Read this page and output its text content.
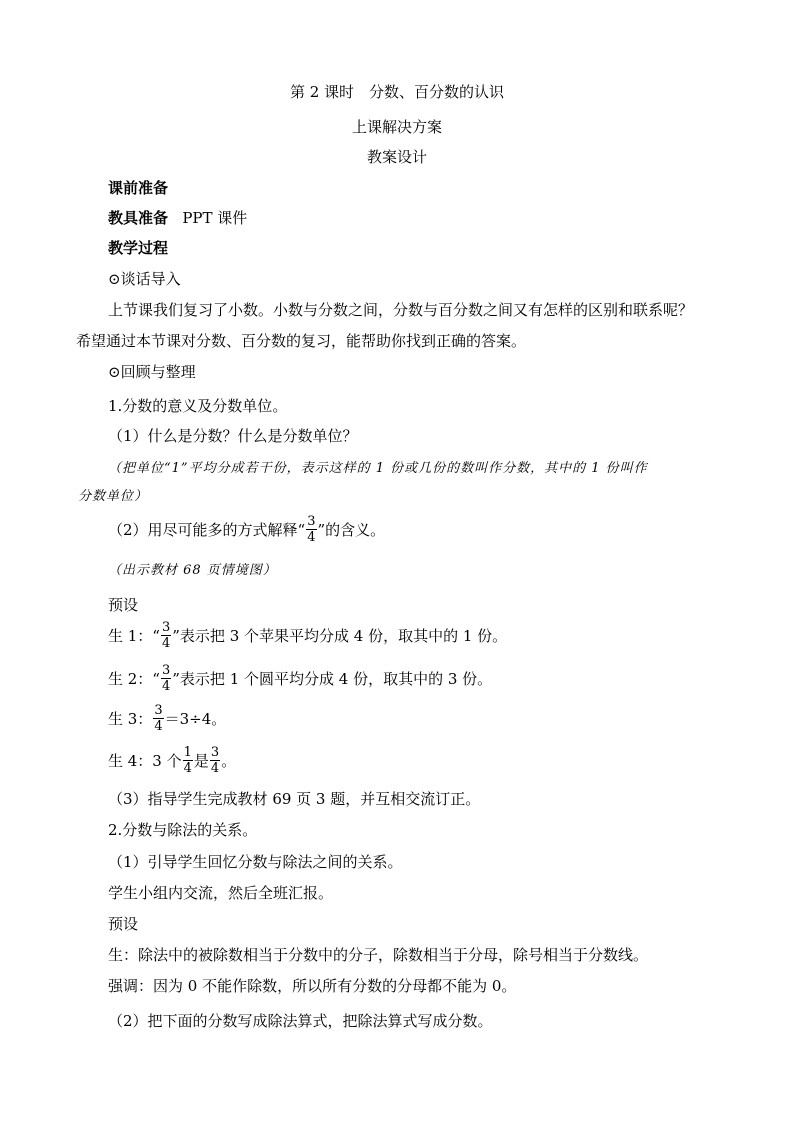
第 2 课时　分数、百分数的认识
上课解决方案
教案设计
课前准备
教具准备 PPT 课件
教学过程
⊙谈话导入
上节课我们复习了小数。小数与分数之间，分数与百分数之间又有怎样的区别和联系呢？
希望通过本节课对分数、百分数的复习，能帮助你找到正确的答案。
⊙回顾与整理
1.分数的意义及分数单位。
（1）什么是分数？什么是分数单位？
（把单位“1”平均分成若干份，表示这样的 1 份或几份的数叫作分数，其中的 1 份叫作
分数单位）
（2）用尽可能多的方式解释“ $\frac{3}{4}$ ”的含义。
（出示教材 68 页情境图）
预设
生 1：“ $\frac{3}{4}$ ”表示把 3 个苹果平均分成 4 份，取其中的 1 份。
生 2：“ $\frac{3}{4}$ ”表示把 1 个圆平均分成 4 份，取其中的 3 份。
生 3： $\frac{3}{4} =3\div 4$。
生 4：3 个 $\frac{1}{4}$ 是 $\frac{3}{4}$ 。
（3）指导学生完成教材 69 页 3 题，并互相交流订正。
2.分数与除法的关系。
（1）引导学生回忆分数与除法之间的关系。
学生小组内交流，然后全班汇报。
预设
生：除法中的被除数相当于分数中的分子，除数相当于分母，除号相当于分数线。
强调：因为 0 不能作除数，所以所有分数的分母都不能为 0。
（2）把下面的分数写成除法算式，把除法算式写成分数。
